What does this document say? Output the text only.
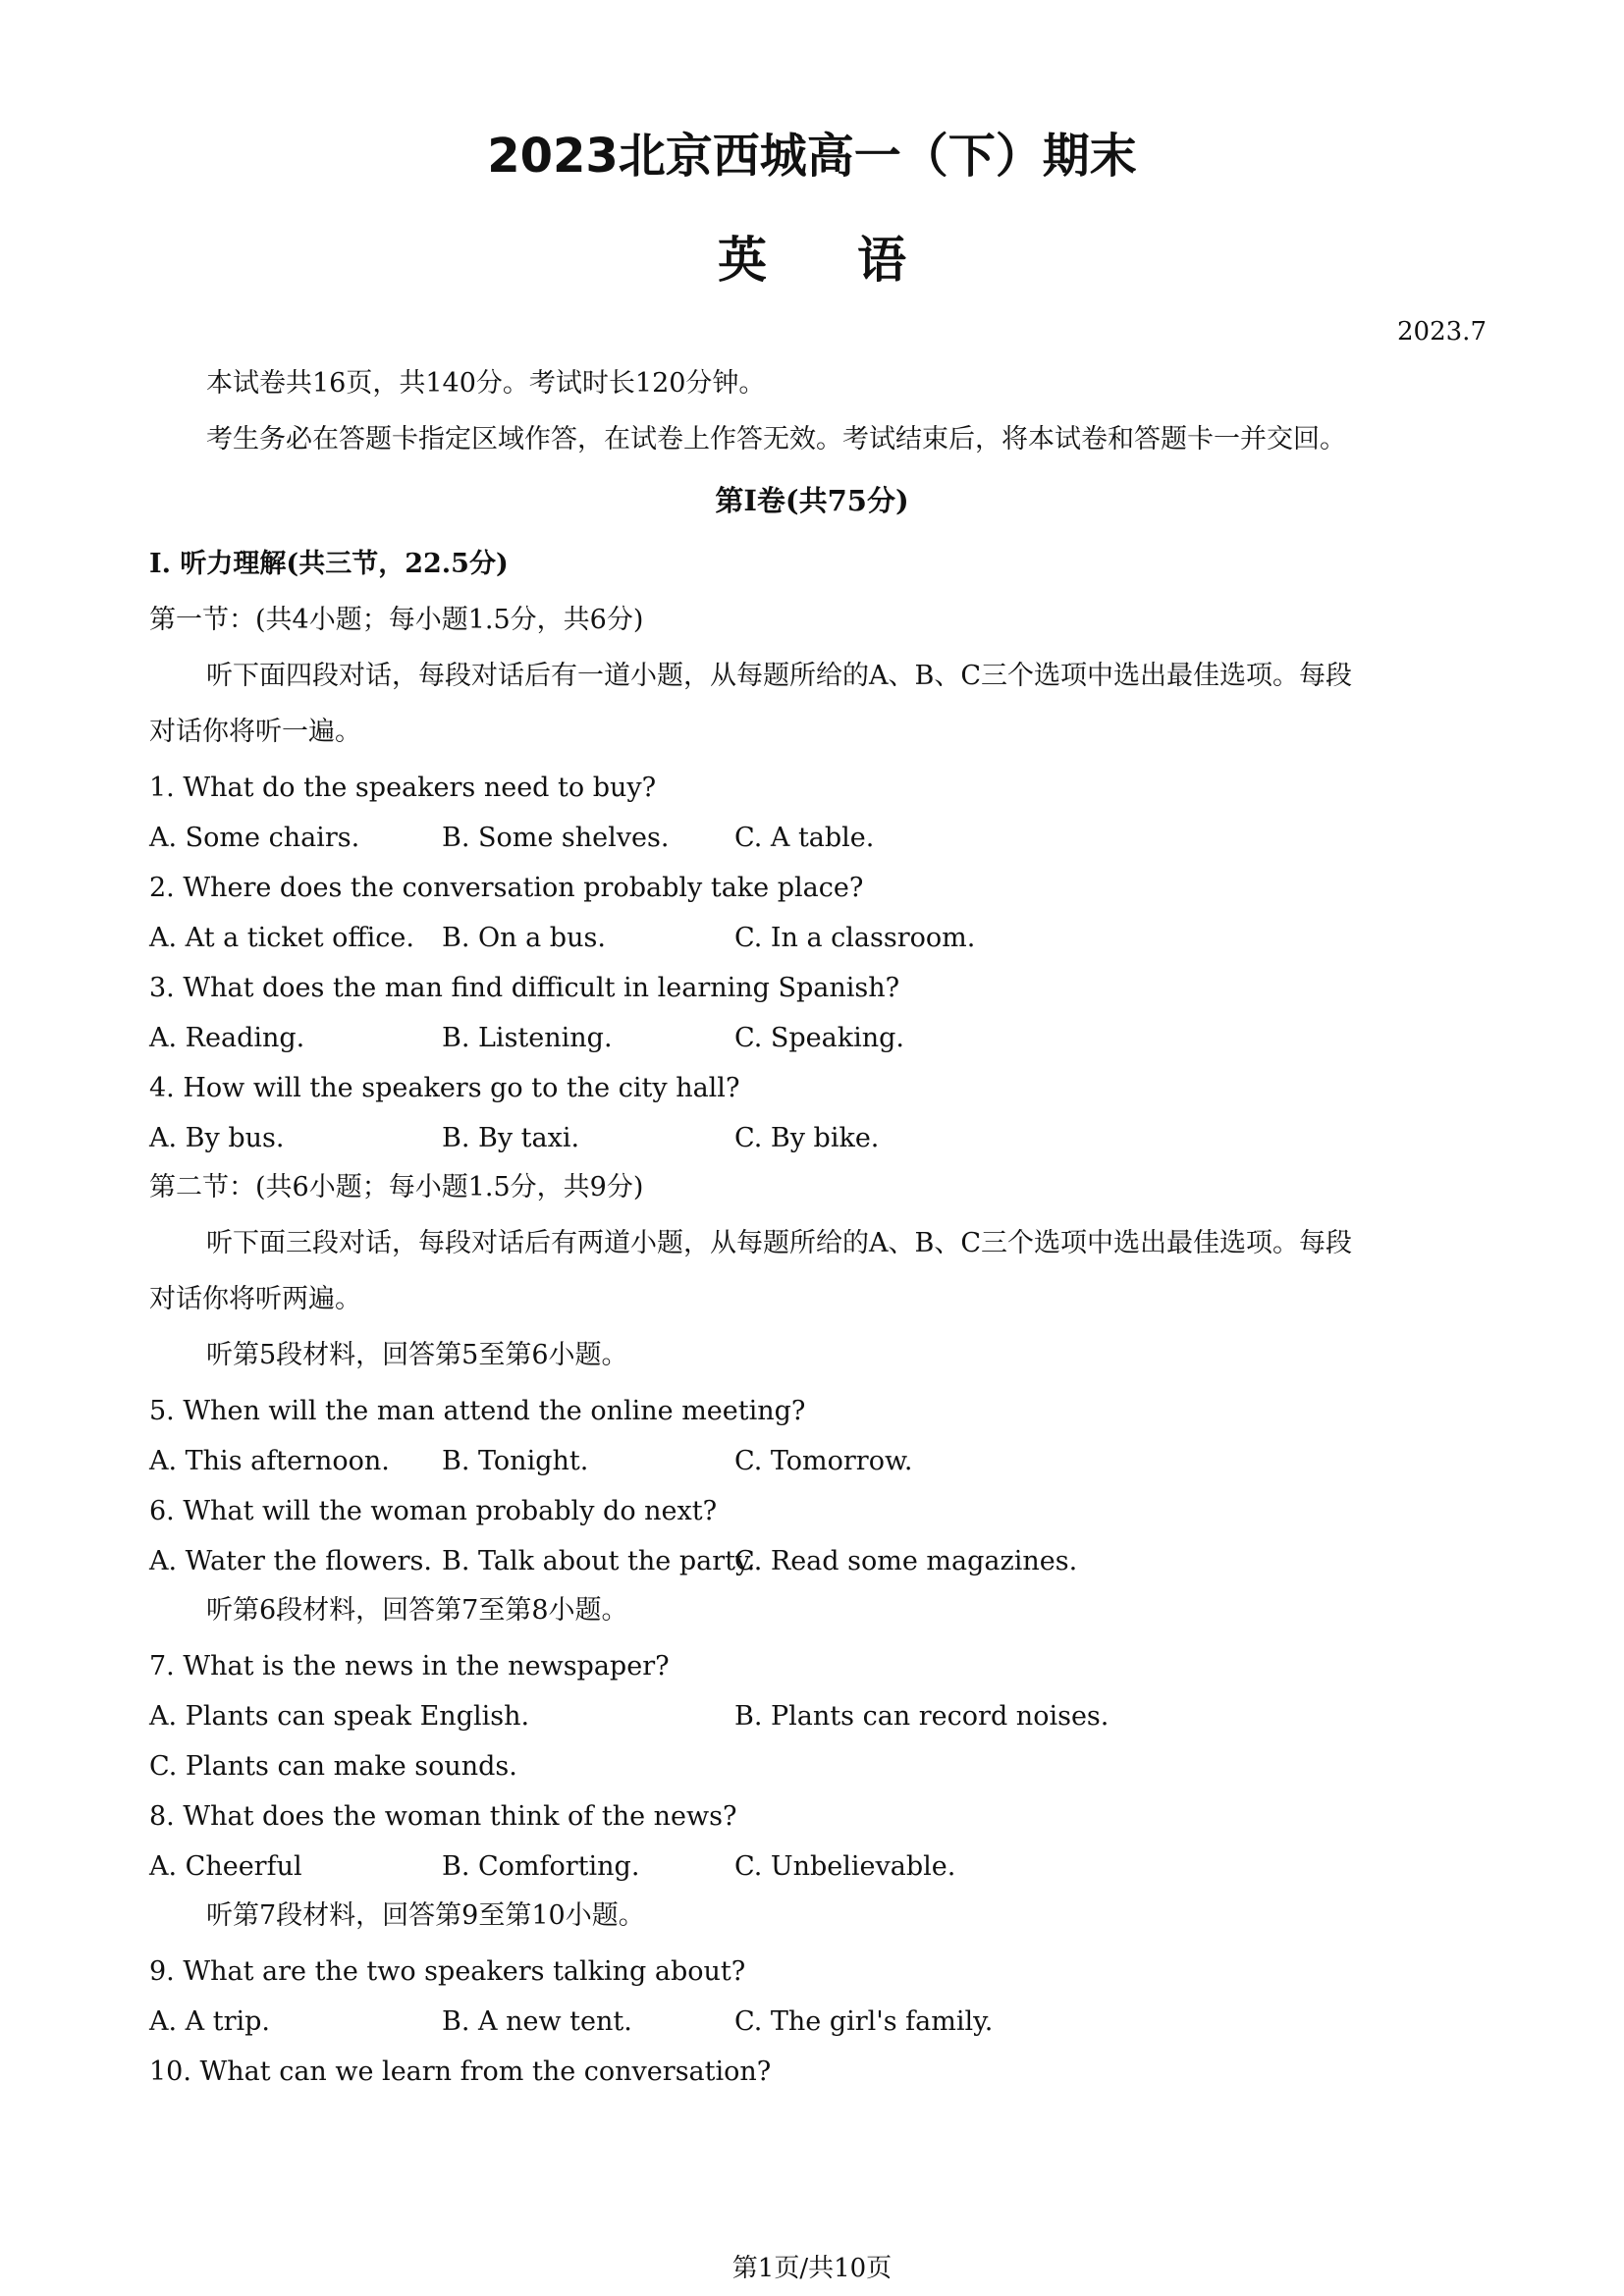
2023北京西城高一（下）期末
英语
2023.7
本试卷共16页，共140分。考试时长120分钟。
考生务必在答题卡指定区域作答，在试卷上作答无效。考试结束后，将本试卷和答题卡一并交回。
第I卷(共75分)
I. 听力理解(共三节，22.5分)
第一节：(共4小题；每小题1.5分，共6分)
听下面四段对话，每段对话后有一道小题，从每题所给的A、B、C三个选项中选出最佳选项。每段
对话你将听一遍。
1. What do the speakers need to buy?
A. Some chairs.	B. Some shelves. C. A table.
2. Where does the conversation probably take place?
A. At a ticket office. B. On a bus.	C. In a classroom.
3. What does the man find difficult in learning Spanish?
A. Reading.	B. Listening.	C. Speaking.
4. How will the speakers go to the city hall?
A. By bus.	B. By taxi.	C. By bike.
第二节：(共6小题；每小题1.5分，共9分)
听下面三段对话，每段对话后有两道小题，从每题所给的A、B、C三个选项中选出最佳选项。每段
对话你将听两遍。
听第5段材料，回答第5至第6小题。
5. When will the man attend the online meeting?
A. This afternoon. B. Tonight.	C. Tomorrow.
6. What will the woman probably do next?
A. Water the flowers. B. Talk about the party.
C. Read some magazines.
听第6段材料，回答第7至第8小题。
7. What is the news in the newspaper?
A. Plants can speak English.	B. Plants can record noises.
C. Plants can make sounds.
8. What does the woman think of the news?
A. Cheerful	B. Comforting.	C. Unbelievable.
听第7段材料，回答第9至第10小题。
9. What are the two speakers talking about?
A. A trip.	B. A new tent.	C. The girl's family.
10. What can we learn from the conversation?
第1页/共10页
